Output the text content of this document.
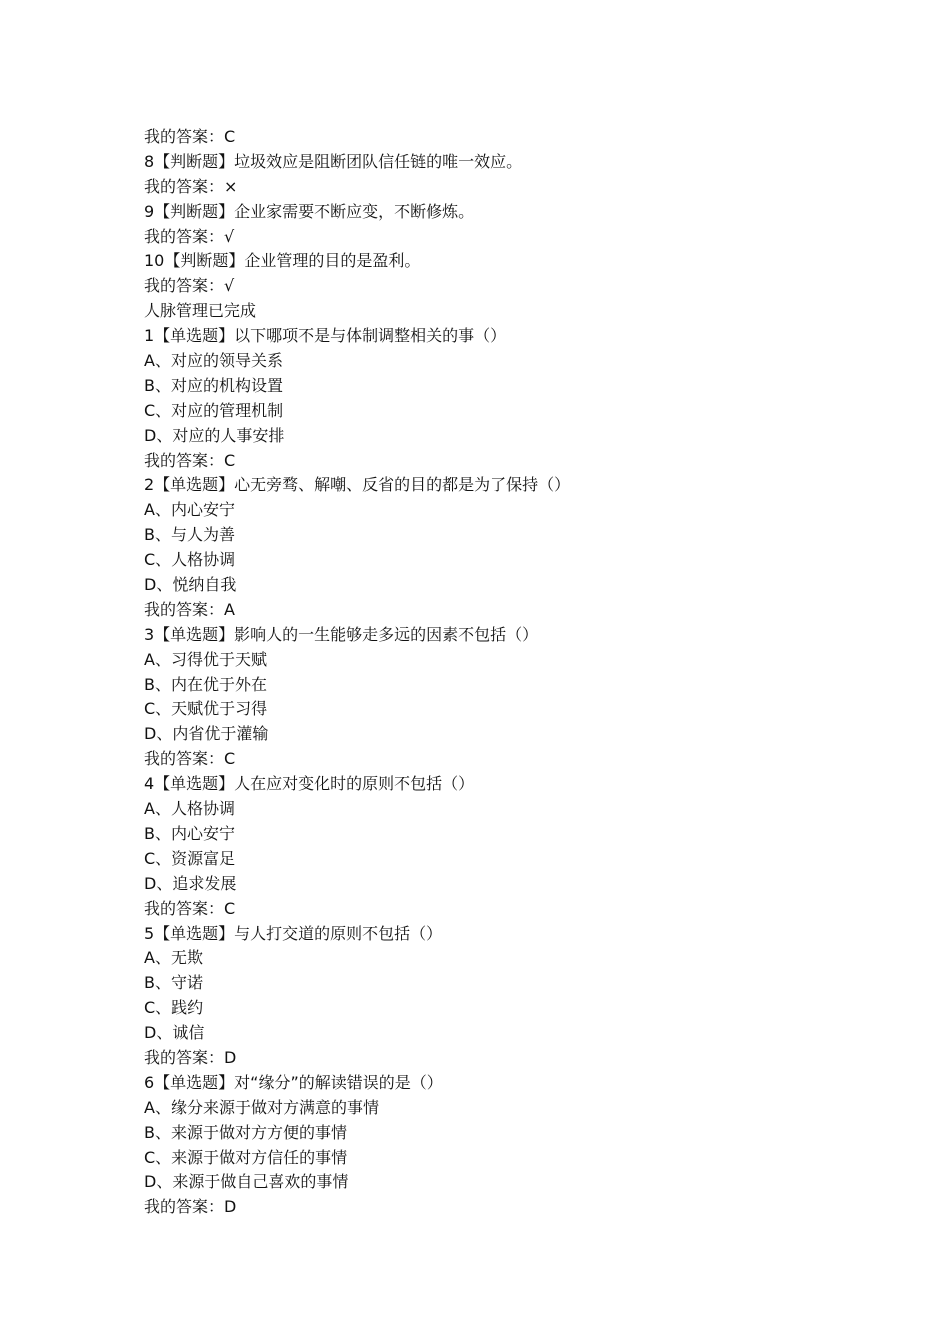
我的答案：C
8【判断题】垃圾效应是阻断团队信任链的唯一效应。
我的答案：×
9【判断题】企业家需要不断应变，不断修炼。
我的答案：√
10【判断题】企业管理的目的是盈利。
我的答案：√
人脉管理已完成
1【单选题】以下哪项不是与体制调整相关的事（）
A、对应的领导关系
B、对应的机构设置
C、对应的管理机制
D、对应的人事安排
我的答案：C
2【单选题】心无旁骛、解嘲、反省的目的都是为了保持（）
A、内心安宁
B、与人为善
C、人格协调
D、悦纳自我
我的答案：A
3【单选题】影响人的一生能够走多远的因素不包括（）
A、习得优于天赋
B、内在优于外在
C、天赋优于习得
D、内省优于灌输
我的答案：C
4【单选题】人在应对变化时的原则不包括（）
A、人格协调
B、内心安宁
C、资源富足
D、追求发展
我的答案：C
5【单选题】与人打交道的原则不包括（）
A、无欺
B、守诺
C、践约
D、诚信
我的答案：D
6【单选题】对“缘分”的解读错误的是（）
A、缘分来源于做对方满意的事情
B、来源于做对方方便的事情
C、来源于做对方信任的事情
D、来源于做自己喜欢的事情
我的答案：D
